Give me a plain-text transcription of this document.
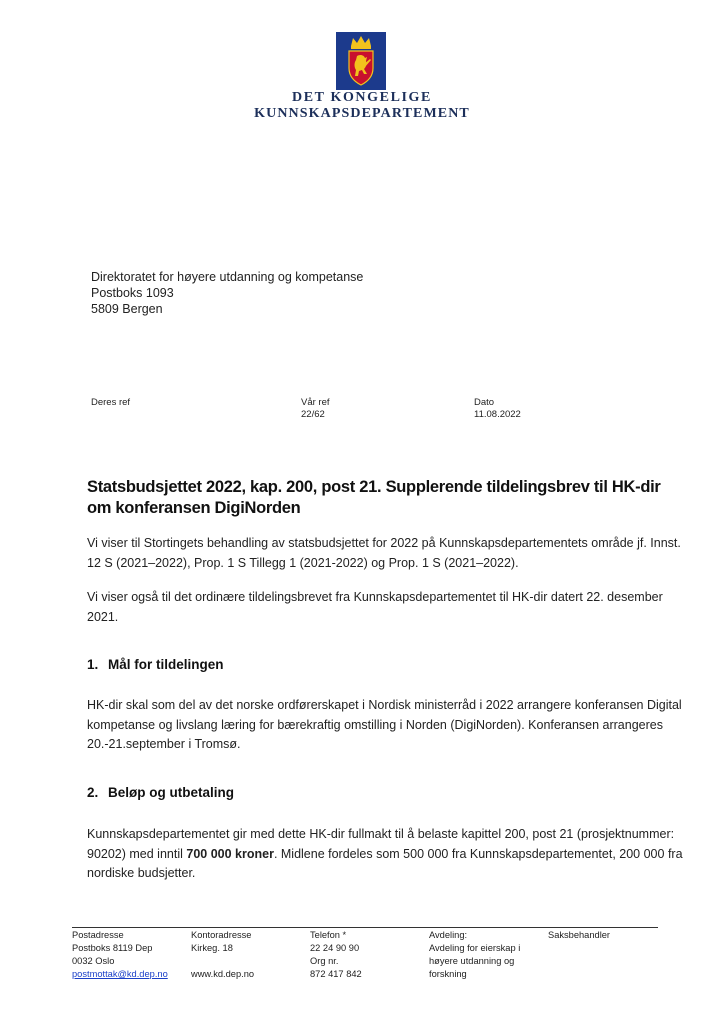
DET KONGELIGE
KUNNSKAPSDEPARTEMENT
Direktoratet for høyere utdanning og kompetanse
Postboks 1093
5809 Bergen
Deres ref	Vår ref
22/62
Dato
11.08.2022
Statsbudsjettet 2022, kap. 200, post 21. Supplerende tildelingsbrev til HK-dir om konferansen DigiNorden
Vi viser til Stortingets behandling av statsbudsjettet for 2022 på Kunnskapsdepartementets område jf. Innst. 12 S (2021‒2022), Prop. 1 S Tillegg 1 (2021-2022) og Prop. 1 S (2021‒2022).
Vi viser også til det ordinære tildelingsbrevet fra Kunnskapsdepartementet til HK-dir datert 22. desember 2021.
1. Mål for tildelingen
HK-dir skal som del av det norske ordførerskapet i Nordisk ministerråd i 2022 arrangere konferansen Digital kompetanse og livslang læring for bærekraftig omstilling i Norden (DigiNorden). Konferansen arrangeres 20.-21.september i Tromsø.
2. Beløp og utbetaling
Kunnskapsdepartementet gir med dette HK-dir fullmakt til å belaste kapittel 200, post 21 (prosjektnummer: 90202) med inntil 700 000 kroner. Midlene fordeles som 500 000 fra Kunnskapsdepartementet, 200 000 fra nordiske budsjetter.
Postadresse
Postboks 8119 Dep
0032 Oslo
postmottak@kd.dep.no
Kontoradresse
Kirkeg. 18
www.kd.dep.no
Telefon *
22 24 90 90
Org nr.
872 417 842
Avdeling:
Avdeling for eierskap i
høyere utdanning og
forskning
Saksbehandler
